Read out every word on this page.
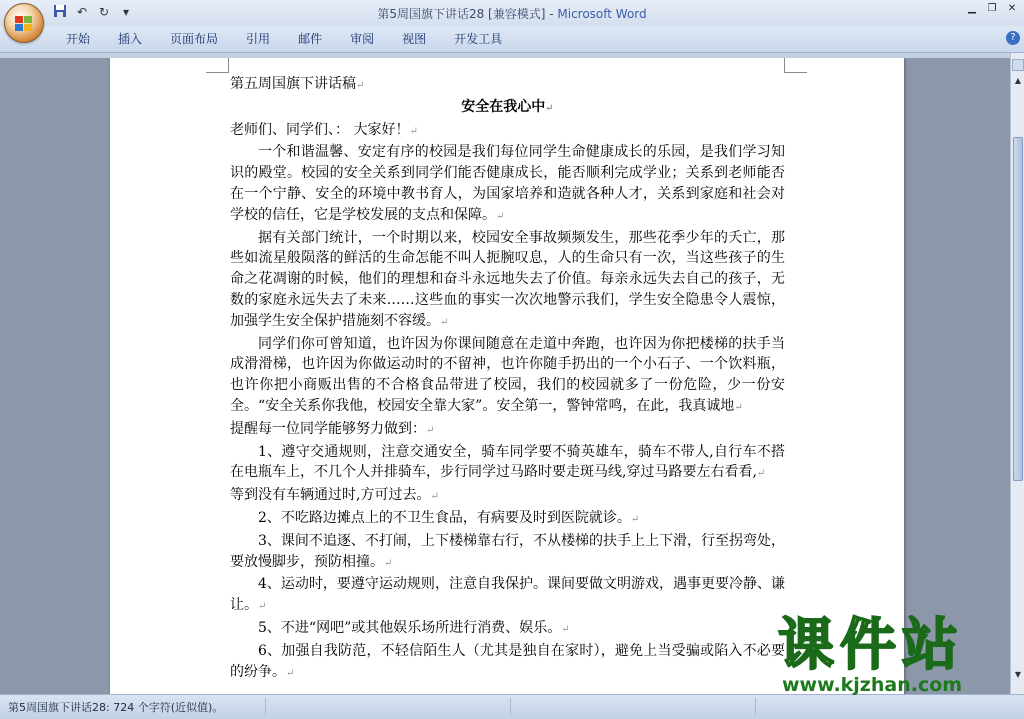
↶ ↻	▾	第5周国旗下讲话28 [兼容模式] - Microsoft Word	▁	❐	✕
开始	插入	页面布局	引用	邮件	审阅	视图	开发工具	?

第五周国旗下讲话稿↵

安全在我心中↵

老师们、同学们、： 大家好！↵

一个和谐温馨、安定有序的校园是我们每位同学生命健康成长的乐园，是我们学习知识的殿堂。校园的安全关系到同学们能否健康成长，能否顺利完成学业；关系到老师能否在一个宁静、安全的环境中教书育人，为国家培养和造就各种人才，关系到家庭和社会对学校的信任，它是学校发展的支点和保障。↵

据有关部门统计，一个时期以来，校园安全事故频频发生，那些花季少年的夭亡，那些如流星般陨落的鲜活的生命怎能不叫人扼腕叹息，人的生命只有一次，当这些孩子的生命之花凋谢的时候，他们的理想和奋斗永远地失去了价值。每亲永远失去自己的孩子，无数的家庭永远失去了未来……这些血的事实一次次地警示我们，学生安全隐患令人震惊，加强学生安全保护措施刻不容缓。↵

同学们你可曾知道，也许因为你课间随意在走道中奔跑，也许因为你把楼梯的扶手当成滑滑梯，也许因为你做运动时的不留神，也许你随手扔出的一个小石子、一个饮料瓶，也许你把小商贩出售的不合格食品带进了校园，我们的校园就多了一份危险，少一份安全。“安全关系你我他，校园安全靠大家”。安全第一，警钟常鸣，在此，我真诚地↵

提醒每一位同学能够努力做到：↵

1、遵守交通规则，注意交通安全，骑车同学要不骑英雄车，骑车不带人,自行车不搭在电瓶车上，不几个人并排骑车，步行同学过马路时要走斑马线,穿过马路要左右看看,↵

等到没有车辆通过时,方可过去。↵

2、不吃路边摊点上的不卫生食品，有病要及时到医院就诊。↵

3、课间不追逐、不打闹，上下楼梯靠右行，不从楼梯的扶手上上下滑，行至拐弯处，要放慢脚步，预防相撞。↵

4、运动时，要遵守运动规则，注意自我保护。课间要做文明游戏，遇事更要冷静、谦让。↵

5、不进“网吧”或其他娱乐场所进行消费、娱乐。↵

6、加强自我防范，不轻信陌生人（尤其是独自在家时），避免上当受骗或陷入不必要的纷争。↵

▲
▼
第5周国旗下讲话28: 724 个字符(近似值)。
课件站
www.kjzhan.com
